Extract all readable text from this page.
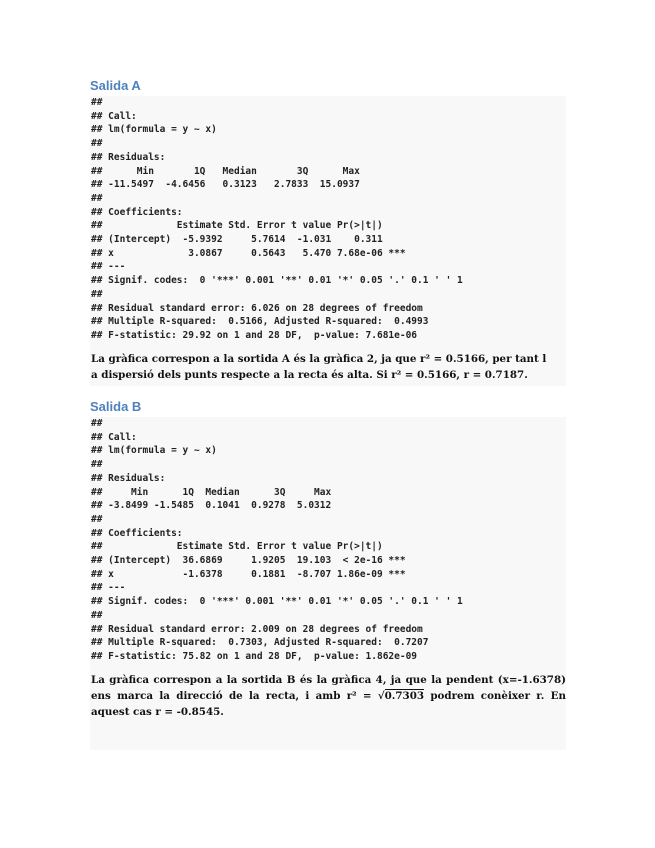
Salida A
##
## Call:
## lm(formula = y ~ x)
##
## Residuals:
##      Min       1Q   Median       3Q      Max
## -11.5497  -4.6456   0.3123   2.7833  15.0937
##
## Coefficients:
##             Estimate Std. Error t value Pr(>|t|)
## (Intercept)  -5.9392     5.7614  -1.031    0.311
## x             3.0867     0.5643   5.470 7.68e-06 ***
## ---
## Signif. codes:  0 '***' 0.001 '**' 0.01 '*' 0.05 '.' 0.1 ' ' 1
##
## Residual standard error: 6.026 on 28 degrees of freedom
## Multiple R-squared:  0.5166, Adjusted R-squared:  0.4993
## F-statistic: 29.92 on 1 and 28 DF,  p-value: 7.681e-06
La gràfica correspon a la sortida A és la gràfica 2, ja que r² = 0.5166, per tant l
a dispersió dels punts respecte a la recta és alta. Si r² = 0.5166, r = 0.7187.
Salida B
##
## Call:
## lm(formula = y ~ x)
##
## Residuals:
##     Min      1Q  Median      3Q     Max
## -3.8499 -1.5485  0.1041  0.9278  5.0312
##
## Coefficients:
##             Estimate Std. Error t value Pr(>|t|)
## (Intercept)  36.6869     1.9205  19.103  < 2e-16 ***
## x            -1.6378     0.1881  -8.707 1.86e-09 ***
## ---
## Signif. codes:  0 '***' 0.001 '**' 0.01 '*' 0.05 '.' 0.1 ' ' 1
##
## Residual standard error: 2.009 on 28 degrees of freedom
## Multiple R-squared:  0.7303, Adjusted R-squared:  0.7207
## F-statistic: 75.82 on 1 and 28 DF,  p-value: 1.862e-09
La gràfica correspon a la sortida B és la gràfica 4, ja que la pendent (x=-1.6378) ens marca la direcció de la recta, i amb r² = √0.7303 podrem conèixer r. En aquest cas r = -0.8545.
